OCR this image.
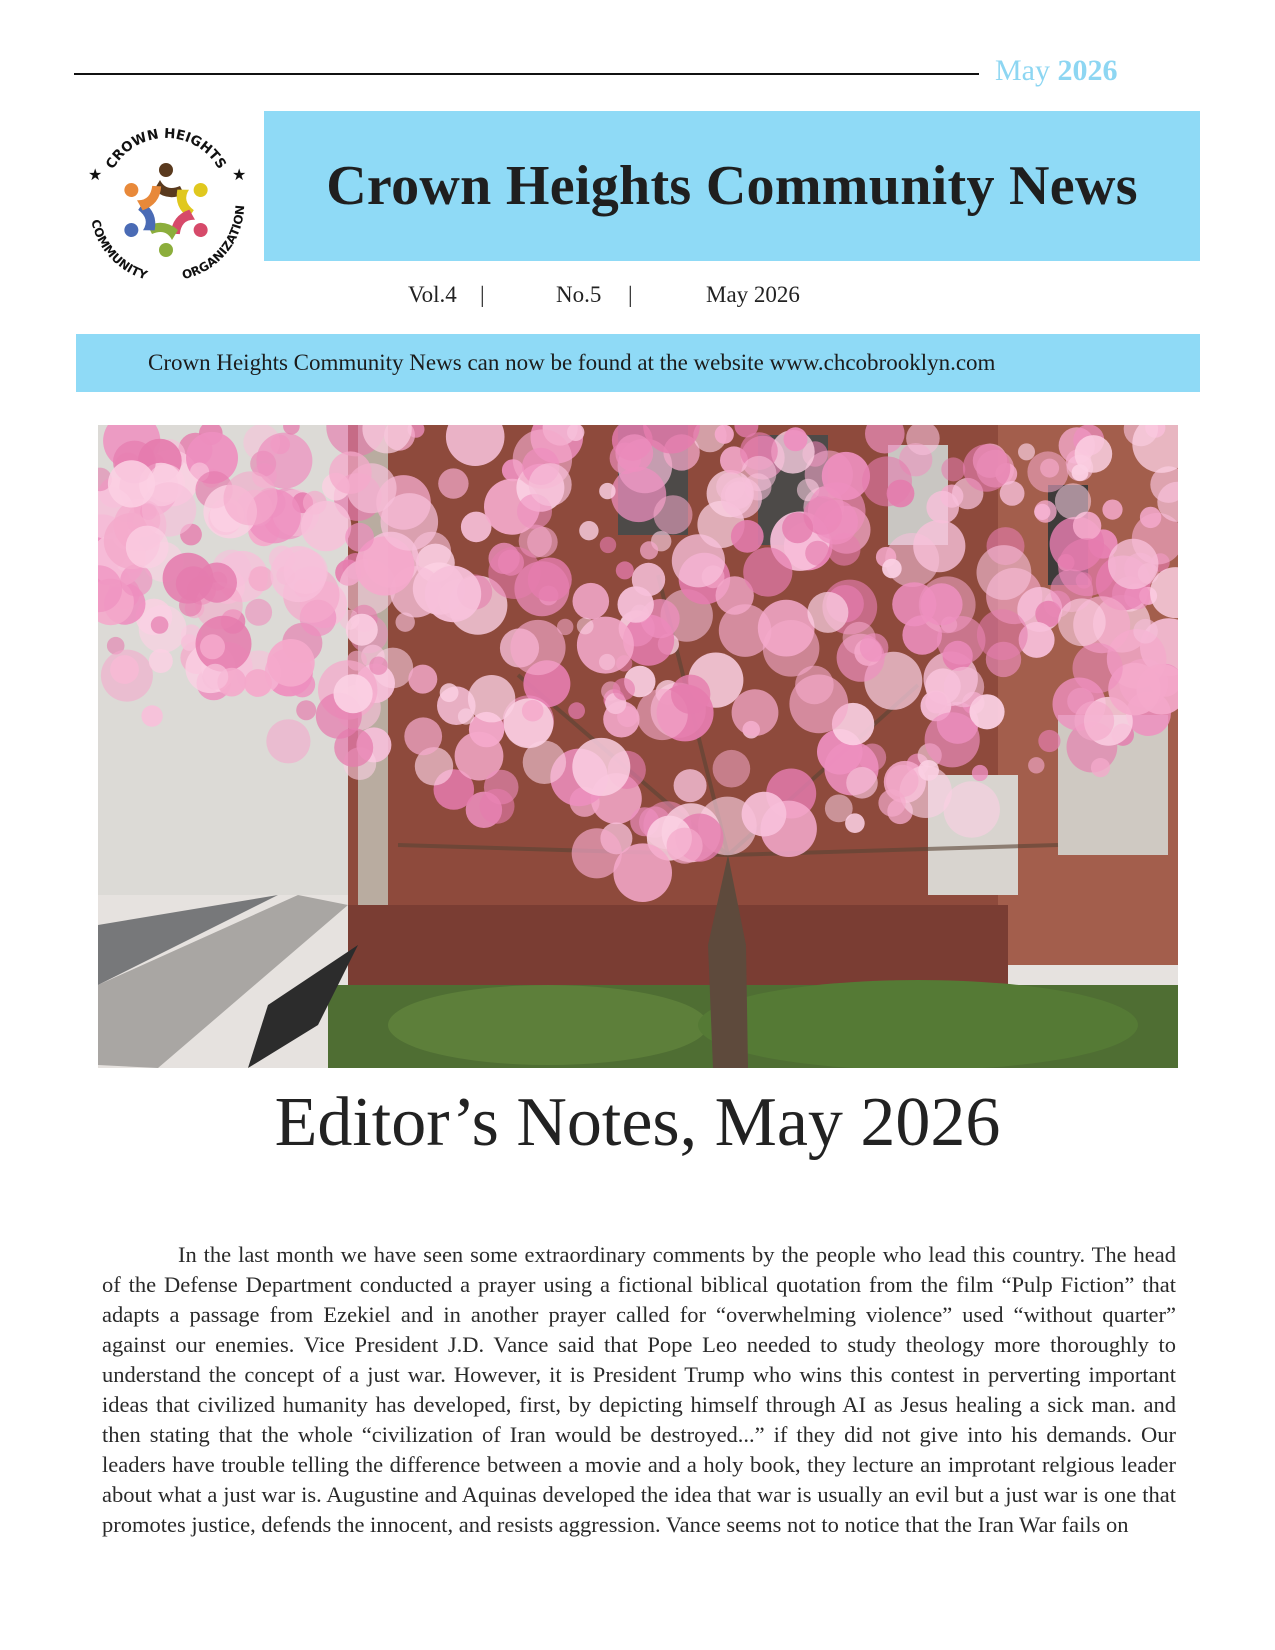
May 2026
CROWN HEIGHTS
COMMUNITY	ORGANIZATION
★	★ Crown Heights Community News
Vol.4 |	No.5 |	May 2026
Crown Heights Community News can now be found at the website www.chcobrooklyn.com
Editor’s Notes, May 2026

In the last month we have seen some extraordinary comments by the people who lead this country. The head of the Defense Department conducted a prayer using a fictional biblical quotation from the film “Pulp Fiction” that adapts a passage from Ezekiel and in another prayer called for “overwhelming violence” used “without quarter” against our enemies. Vice President J.D. Vance said that Pope Leo needed to study theology more thoroughly to understand the concept of a just war. However, it is President Trump who wins this contest in perverting important ideas that civilized humanity has developed, first, by depicting himself through AI as Jesus healing a sick man. and then stating that the whole “civilization of Iran would be destroyed...” if they did not give into his demands. Our leaders have trouble telling the difference between a movie and a holy book, they lecture an improtant relgious leader about what a just war is. Augustine and Aquinas developed the idea that war is usually an evil but a just war is one that promotes justice, defends the innocent, and resists aggression. Vance seems not to notice that the Iran War fails on
